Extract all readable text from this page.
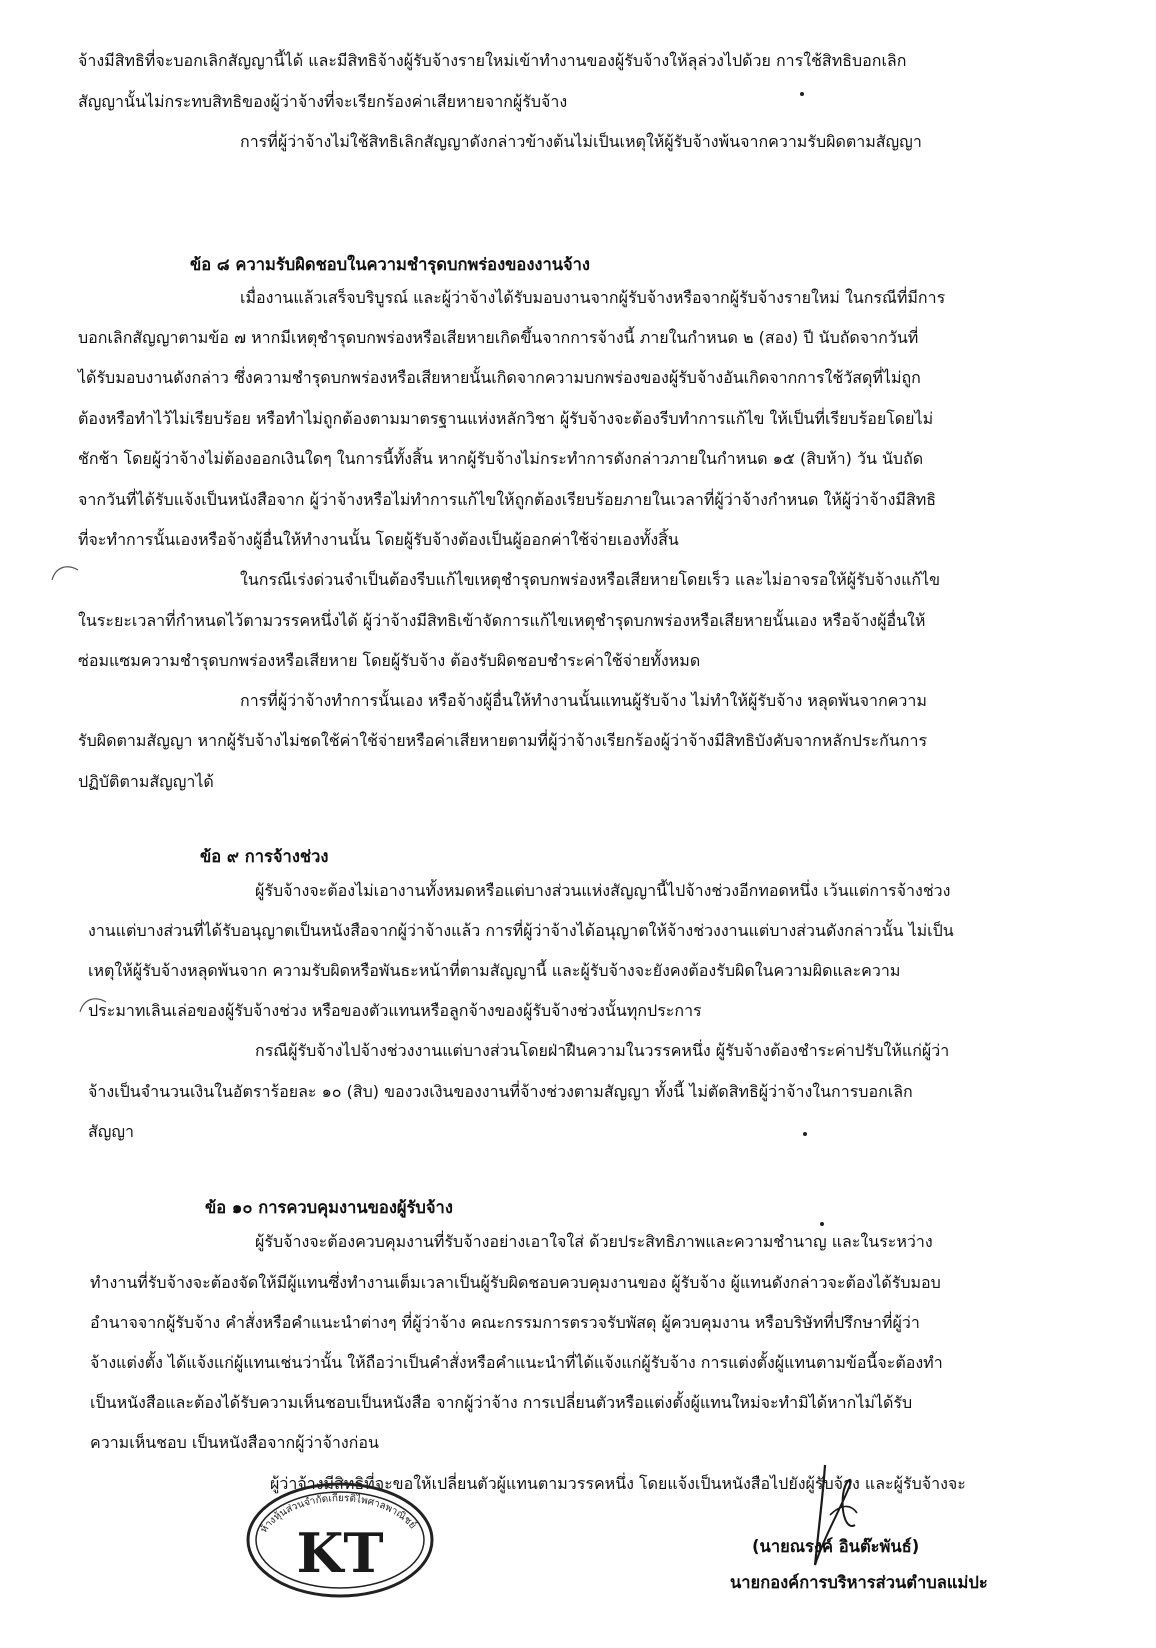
จ้างมีสิทธิที่จะบอกเลิกสัญญานี้ได้ และมีสิทธิจ้างผู้รับจ้างรายใหม่เข้าทำงานของผู้รับจ้างให้ลุล่วงไปด้วย การใช้สิทธิบอกเลิก
สัญญานั้นไม่กระทบสิทธิของผู้ว่าจ้างที่จะเรียกร้องค่าเสียหายจากผู้รับจ้าง
การที่ผู้ว่าจ้างไม่ใช้สิทธิเลิกสัญญาดังกล่าวข้างต้นไม่เป็นเหตุให้ผู้รับจ้างพ้นจากความรับผิดตามสัญญา
ข้อ ๘ ความรับผิดชอบในความชำรุดบกพร่องของงานจ้าง
เมื่องานแล้วเสร็จบริบูรณ์ และผู้ว่าจ้างได้รับมอบงานจากผู้รับจ้างหรือจากผู้รับจ้างรายใหม่ ในกรณีที่มีการ
บอกเลิกสัญญาตามข้อ ๗ หากมีเหตุชำรุดบกพร่องหรือเสียหายเกิดขึ้นจากการจ้างนี้ ภายในกำหนด ๒ (สอง) ปี นับถัดจากวันที่
ได้รับมอบงานดังกล่าว ซึ่งความชำรุดบกพร่องหรือเสียหายนั้นเกิดจากความบกพร่องของผู้รับจ้างอันเกิดจากการใช้วัสดุที่ไม่ถูก
ต้องหรือทำไว้ไม่เรียบร้อย หรือทำไม่ถูกต้องตามมาตรฐานแห่งหลักวิชา ผู้รับจ้างจะต้องรีบทำการแก้ไข ให้เป็นที่เรียบร้อยโดยไม่
ชักช้า โดยผู้ว่าจ้างไม่ต้องออกเงินใดๆ ในการนี้ทั้งสิ้น หากผู้รับจ้างไม่กระทำการดังกล่าวภายในกำหนด ๑๕ (สิบห้า) วัน นับถัด
จากวันที่ได้รับแจ้งเป็นหนังสือจาก ผู้ว่าจ้างหรือไม่ทำการแก้ไขให้ถูกต้องเรียบร้อยภายในเวลาที่ผู้ว่าจ้างกำหนด ให้ผู้ว่าจ้างมีสิทธิ
ที่จะทำการนั้นเองหรือจ้างผู้อื่นให้ทำงานนั้น โดยผู้รับจ้างต้องเป็นผู้ออกค่าใช้จ่ายเองทั้งสิ้น
ในกรณีเร่งด่วนจำเป็นต้องรีบแก้ไขเหตุชำรุดบกพร่องหรือเสียหายโดยเร็ว และไม่อาจรอให้ผู้รับจ้างแก้ไข
ในระยะเวลาที่กำหนดไว้ตามวรรคหนึ่งได้ ผู้ว่าจ้างมีสิทธิเข้าจัดการแก้ไขเหตุชำรุดบกพร่องหรือเสียหายนั้นเอง หรือจ้างผู้อื่นให้
ซ่อมแซมความชำรุดบกพร่องหรือเสียหาย โดยผู้รับจ้าง ต้องรับผิดชอบชำระค่าใช้จ่ายทั้งหมด
การที่ผู้ว่าจ้างทำการนั้นเอง หรือจ้างผู้อื่นให้ทำงานนั้นแทนผู้รับจ้าง ไม่ทำให้ผู้รับจ้าง หลุดพ้นจากความ
รับผิดตามสัญญา หากผู้รับจ้างไม่ชดใช้ค่าใช้จ่ายหรือค่าเสียหายตามที่ผู้ว่าจ้างเรียกร้องผู้ว่าจ้างมีสิทธิบังคับจากหลักประกันการ
ปฏิบัติตามสัญญาได้
ข้อ ๙ การจ้างช่วง
ผู้รับจ้างจะต้องไม่เอางานทั้งหมดหรือแต่บางส่วนแห่งสัญญานี้ไปจ้างช่วงอีกทอดหนึ่ง เว้นแต่การจ้างช่วง
งานแต่บางส่วนที่ได้รับอนุญาตเป็นหนังสือจากผู้ว่าจ้างแล้ว การที่ผู้ว่าจ้างได้อนุญาตให้จ้างช่วงงานแต่บางส่วนดังกล่าวนั้น ไม่เป็น
เหตุให้ผู้รับจ้างหลุดพ้นจาก ความรับผิดหรือพันธะหน้าที่ตามสัญญานี้ และผู้รับจ้างจะยังคงต้องรับผิดในความผิดและความ
ประมาทเลินเล่อของผู้รับจ้างช่วง หรือของตัวแทนหรือลูกจ้างของผู้รับจ้างช่วงนั้นทุกประการ
กรณีผู้รับจ้างไปจ้างช่วงงานแต่บางส่วนโดยฝ่าฝืนความในวรรคหนึ่ง ผู้รับจ้างต้องชำระค่าปรับให้แก่ผู้ว่า
จ้างเป็นจำนวนเงินในอัตราร้อยละ ๑๐ (สิบ) ของวงเงินของงานที่จ้างช่วงตามสัญญา ทั้งนี้ ไม่ตัดสิทธิผู้ว่าจ้างในการบอกเลิก
สัญญา
ข้อ ๑๐ การควบคุมงานของผู้รับจ้าง
ผู้รับจ้างจะต้องควบคุมงานที่รับจ้างอย่างเอาใจใส่ ด้วยประสิทธิภาพและความชำนาญ และในระหว่าง
ทำงานที่รับจ้างจะต้องจัดให้มีผู้แทนซึ่งทำงานเต็มเวลาเป็นผู้รับผิดชอบควบคุมงานของ ผู้รับจ้าง ผู้แทนดังกล่าวจะต้องได้รับมอบ
อำนาจจากผู้รับจ้าง คำสั่งหรือคำแนะนำต่างๆ ที่ผู้ว่าจ้าง คณะกรรมการตรวจรับพัสดุ ผู้ควบคุมงาน หรือบริษัทที่ปรึกษาที่ผู้ว่า
จ้างแต่งตั้ง ได้แจ้งแก่ผู้แทนเช่นว่านั้น ให้ถือว่าเป็นคำสั่งหรือคำแนะนำที่ได้แจ้งแก่ผู้รับจ้าง การแต่งตั้งผู้แทนตามข้อนี้จะต้องทำ
เป็นหนังสือและต้องได้รับความเห็นชอบเป็นหนังสือ จากผู้ว่าจ้าง การเปลี่ยนตัวหรือแต่งตั้งผู้แทนใหม่จะทำมิได้หากไม่ได้รับ
ความเห็นชอบ เป็นหนังสือจากผู้ว่าจ้างก่อน
ผู้ว่าจ้างมีสิทธิที่จะขอให้เปลี่ยนตัวผู้แทนตามวรรคหนึ่ง โดยแจ้งเป็นหนังสือไปยังผู้รับจ้าง และผู้รับจ้างจะ
ห้างหุ้นส่วนจำกัดเกียรติไพศาลพาณิชย์
KT	(นายณรงค์ อินต๊ะพันธ์)
นายกองค์การบริหารส่วนตำบลแม่ปะ
